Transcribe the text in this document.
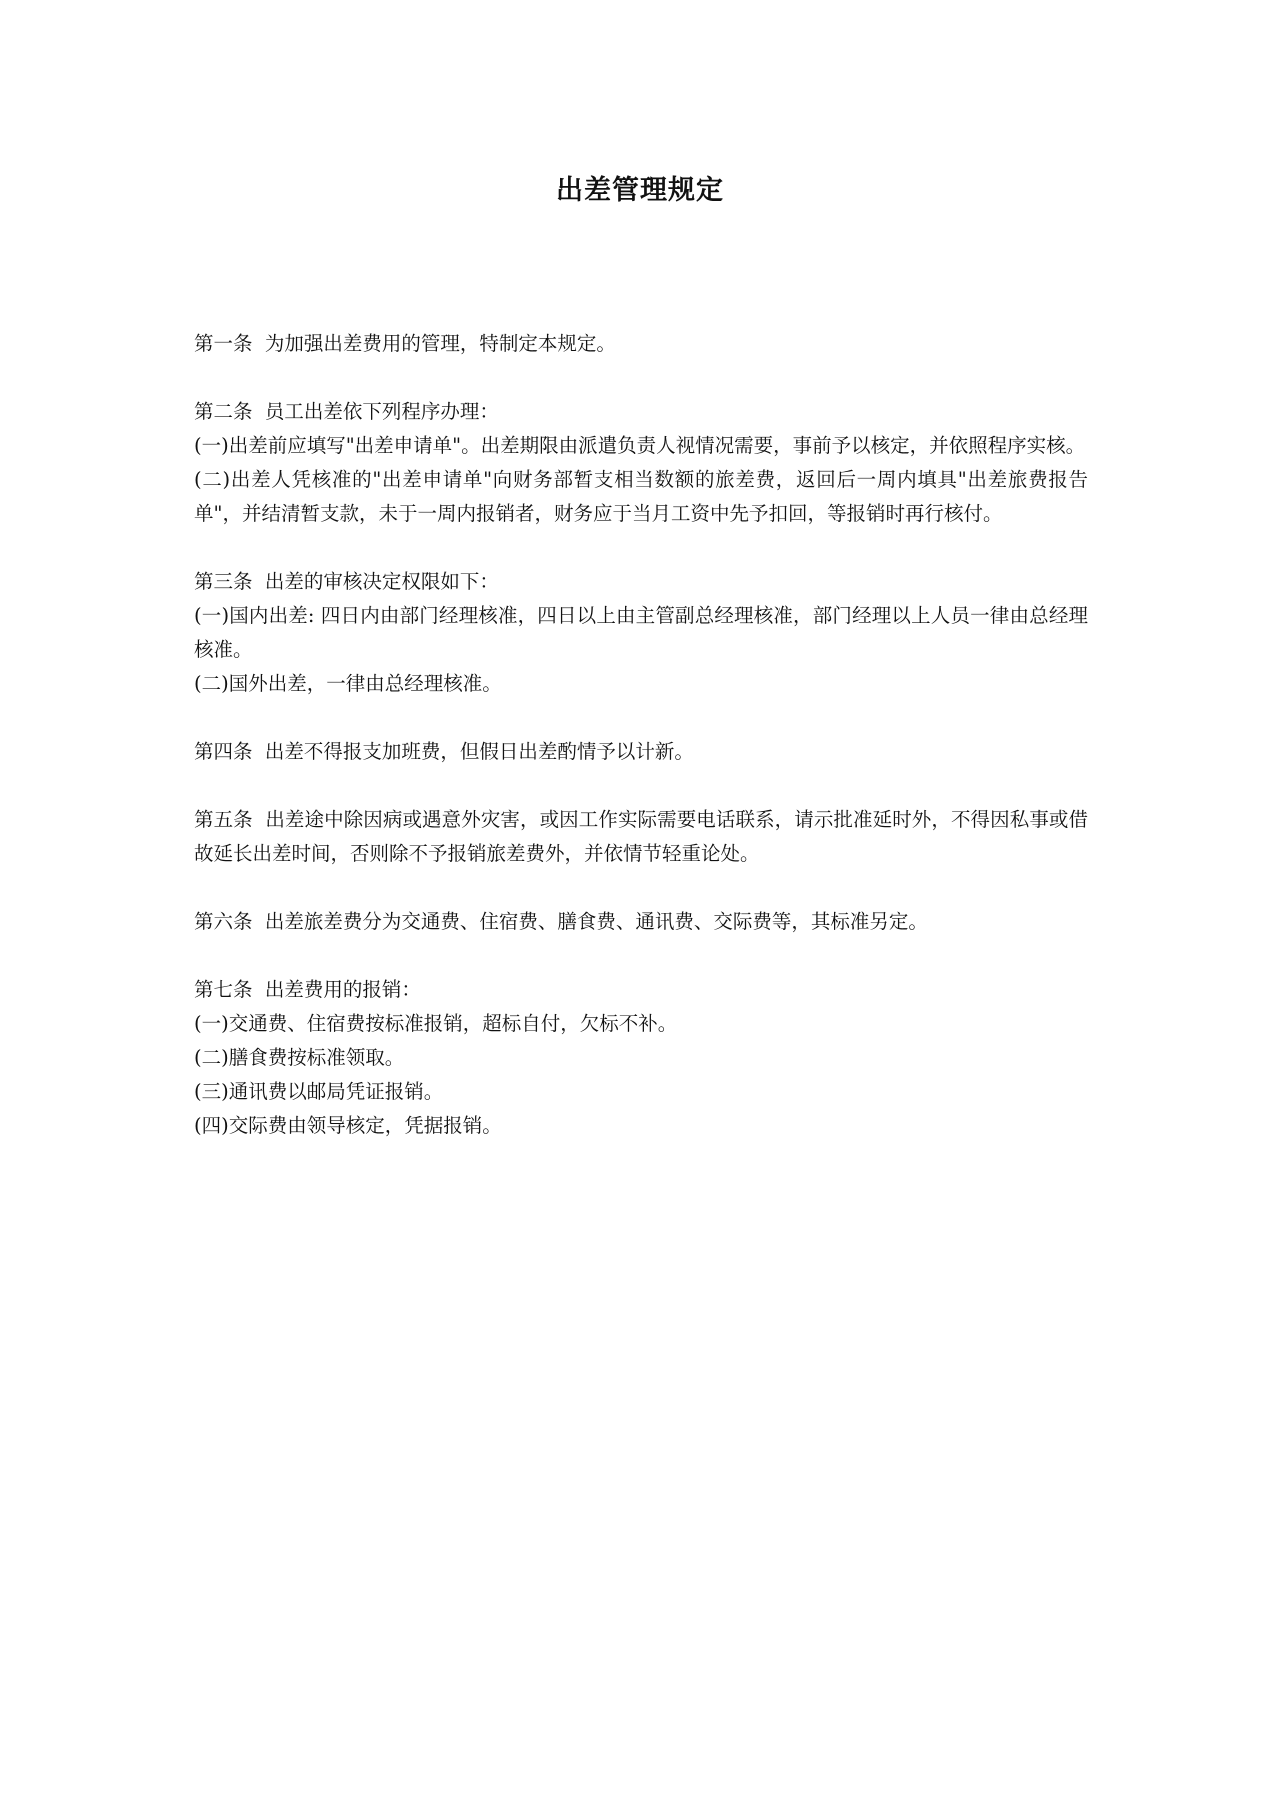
出差管理规定
第一条  为加强出差费用的管理，特制定本规定。
第二条  员工出差依下列程序办理：
(一)出差前应填写"出差申请单"。出差期限由派遣负责人视情况需要，事前予以核定，并依照程序实核。
(二)出差人凭核准的"出差申请单"向财务部暂支相当数额的旅差费，返回后一周内填具"出差旅费报告单"，并结清暂支款，未于一周内报销者，财务应于当月工资中先予扣回，等报销时再行核付。
第三条  出差的审核决定权限如下：
(一)国内出差: 四日内由部门经理核准，四日以上由主管副总经理核准，部门经理以上人员一律由总经理核准。
(二)国外出差，一律由总经理核准。
第四条  出差不得报支加班费，但假日出差酌情予以计新。
第五条  出差途中除因病或遇意外灾害，或因工作实际需要电话联系，请示批准延时外，不得因私事或借故延长出差时间，否则除不予报销旅差费外，并依情节轻重论处。
第六条  出差旅差费分为交通费、住宿费、膳食费、通讯费、交际费等，其标准另定。
第七条  出差费用的报销：
(一)交通费、住宿费按标准报销，超标自付，欠标不补。
(二)膳食费按标准领取。
(三)通讯费以邮局凭证报销。
(四)交际费由领导核定，凭据报销。
